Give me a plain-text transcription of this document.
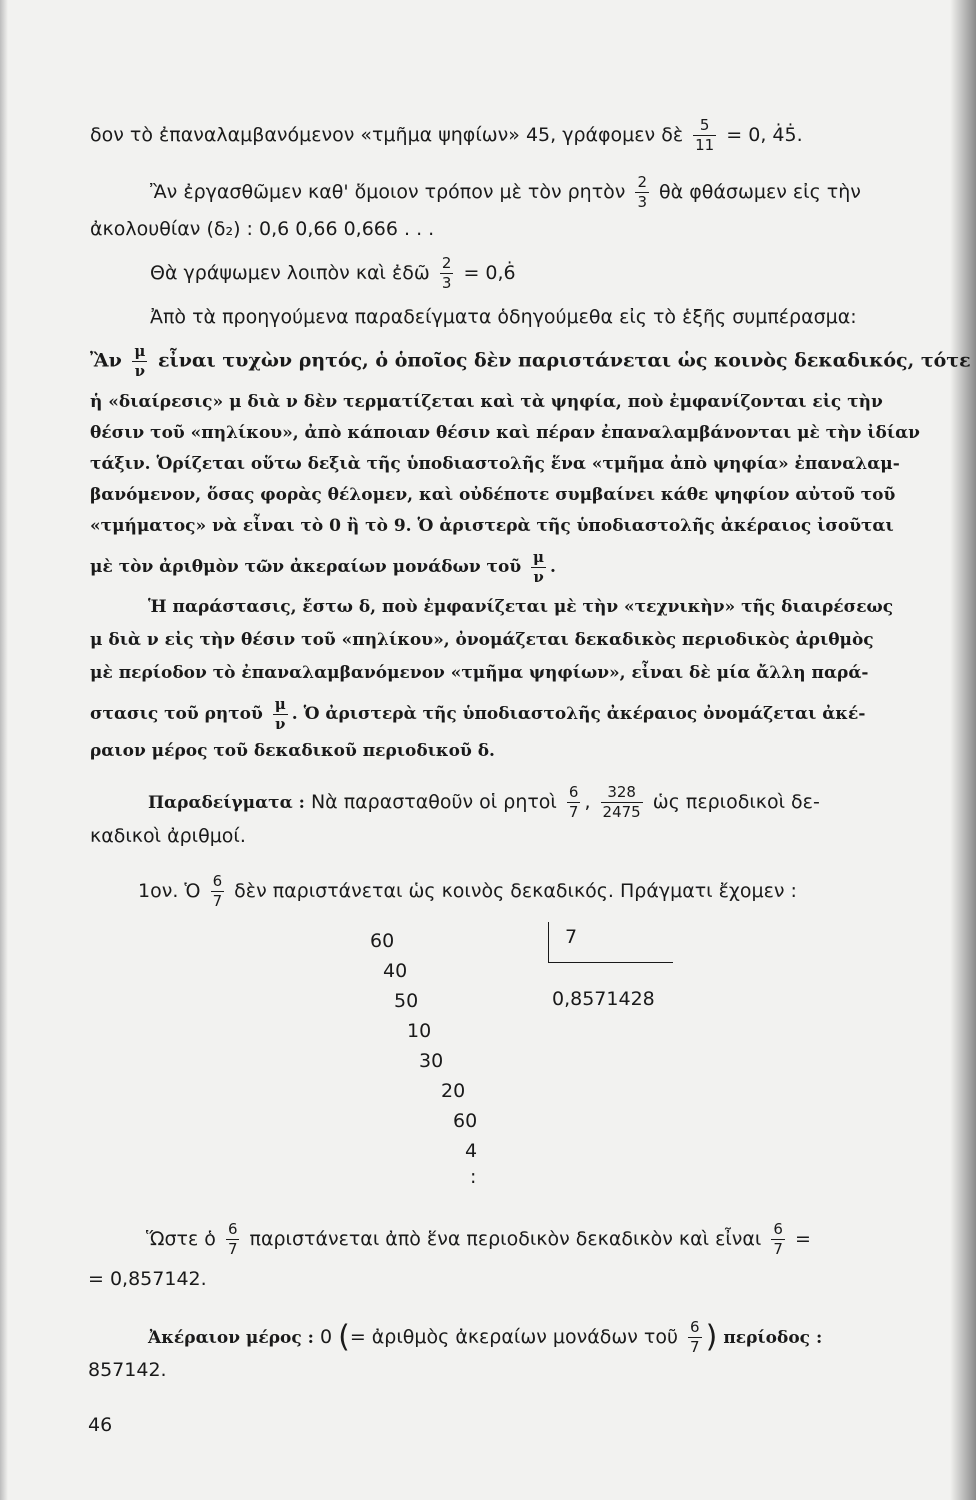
δον τὸ ἐπαναλαμβανόμενον «τμῆμα ψηφίων» 45, γράφομεν δὲ $\frac{5}{11} = 0$, 4̇5̇.
Ἂν ἐργασθῶμεν καθ' ὅμοιον τρόπον μὲ τὸν ρητὸν $\frac{2}{3}$ θὰ φθάσωμεν εἰς τὴν
ἀκολουθίαν (δ₂) : 0,6 0,66 0,666 . . .
Θὰ γράψωμεν λοιπὸν καὶ ἐδῶ $\frac{2}{3}$ = 0,6̇
Ἀπὸ τὰ προηγούμενα παραδείγματα ὁδηγούμεθα εἰς τὸ ἑξῆς συμπέρασμα:
Ἂν $\frac{\mu}{\nu}$ εἶναι τυχὼν ρητός, ὁ ὁποῖος δὲν παριστάνεται ὡς κοινὸς δεκαδικός, τότε
ἡ «διαίρεσις» μ διὰ ν δὲν τερματίζεται καὶ τὰ ψηφία, ποὺ ἐμφανίζονται εἰς τὴν
θέσιν τοῦ «πηλίκου», ἀπὸ κάποιαν θέσιν καὶ πέραν ἐπαναλαμβάνονται μὲ τὴν ἰδίαν
τάξιν. Ὁρίζεται οὕτω δεξιὰ τῆς ὑποδιαστολῆς ἕνα «τμῆμα ἀπὸ ψηφία» ἐπαναλαμ-
βανόμενον, ὅσας φορὰς θέλομεν, καὶ οὐδέποτε συμβαίνει κάθε ψηφίον αὐτοῦ τοῦ
«τμήματος» νὰ εἶναι τὸ 0 ἢ τὸ 9. Ὁ ἀριστερὰ τῆς ὑποδιαστολῆς ἀκέραιος ἰσοῦται
μὲ τὸν ἀριθμὸν τῶν ἀκεραίων μονάδων τοῦ $\frac{\mu}{\nu}$ .
Ἡ παράστασις, ἔστω δ, ποὺ ἐμφανίζεται μὲ τὴν «τεχνικὴν» τῆς διαιρέσεως
μ διὰ ν εἰς τὴν θέσιν τοῦ «πηλίκου», ὀνομάζεται δεκαδικὸς περιοδικὸς ἀριθμὸς
μὲ περίοδον τὸ ἐπαναλαμβανόμενον «τμῆμα ψηφίων», εἶναι δὲ μία ἄλλη παρά-
στασις τοῦ ρητοῦ $\frac{\mu}{\nu}$ . Ὁ ἀριστερὰ τῆς ὑποδιαστολῆς ἀκέραιος ὀνομάζεται ἀκέ-
ραιον μέρος τοῦ δεκαδικοῦ περιοδικοῦ δ.
Παραδείγματα : Νὰ παρασταθοῦν οἱ ρητοὶ $\frac{6}{7}$ , $\frac{328}{2475}$ ὡς περιοδικοὶ δε-
καδικοὶ ἀριθμοί.
1ον. Ὁ $\frac{6}{7}$ δὲν παριστάνεται ὡς κοινὸς δεκαδικός. Πράγματι ἔχομεν :
60
40
50
10
30
20
60
4
:
7
0,8571428
Ὥστε ὁ $\frac{6}{7}$ παριστάνεται ἀπὸ ἕνα περιοδικὸν δεκαδικὸν καὶ εἶναι $\frac{6}{7}$ =
= 0,857142.
Ἀκέραιον μέρος : 0 (= ἀριθμὸς ἀκεραίων μονάδων τοῦ $\frac{6}{7}$ ) περίοδος :
857142.
46
